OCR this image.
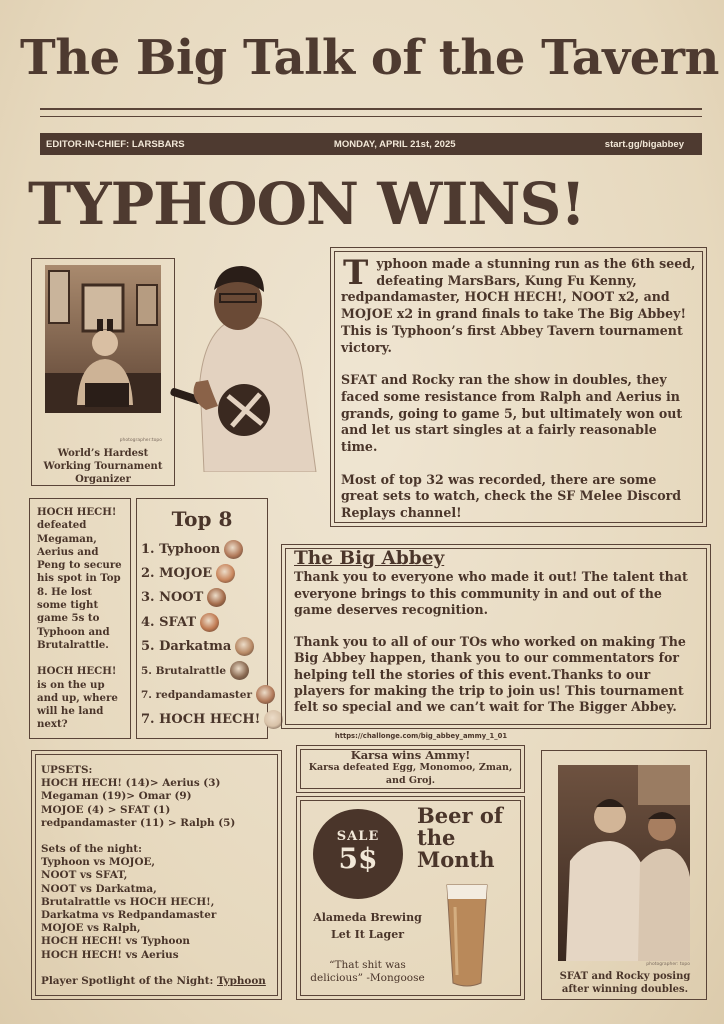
The Big Talk of the Tavern
EDITOR-IN-CHIEF: LARSBARS	MONDAY, APRIL 21st, 2025	start.gg/bigabbey
TYPHOON WINS!
photographer:topo
World’s Hardest Working Tournament Organizer

Typhoon made a stunning run as the 6th seed, defeating MarsBars, Kung Fu Kenny, redpandamaster, HOCH HECH!, NOOT x2, and MOJOE x2 in grand finals to take The Big Abbey! This is Typhoon’s first Abbey Tavern tournament victory.

SFAT and Rocky ran the show in doubles, they faced some resistance from Ralph and Aerius in grands, going to game 5, but ultimately won out and let us start singles at a fairly reasonable time.

Most of top 32 was recorded, there are some great sets to watch, check the SF Melee Discord Replays channel!

HOCH HECH! defeated Megaman, Aerius and Peng to secure his spot in Top 8. He lost some tight game 5s to Typhoon and Brutalrattle.

HOCH HECH! is on the up and up, where will he land next?

Top 8
1. Typhoon
2. MOJOE
3. NOOT
4. SFAT
5. Darkatma
5. Brutalrattle
7. redpandamaster
7. HOCH HECH!
The Big Abbey

Thank you to everyone who made it out! The talent that everyone brings to this community in and out of the game deserves recognition.

Thank you to all of our TOs who worked on making The Big Abbey happen, thank you to our commentators for helping tell the stories of this event.Thanks to our players for making the trip to join us! This tournament felt so special and we can’t wait for The Bigger Abbey.

https://challonge.com/big_abbey_ammy_1_01

UPSETS:
HOCH HECH! (14)> Aerius (3)
Megaman (19)> Omar (9)
MOJOE (4) > SFAT (1)
redpandamaster (11) > Ralph (5)

Sets of the night:
Typhoon vs MOJOE,
NOOT vs SFAT,
NOOT vs Darkatma,
Brutalrattle vs HOCH HECH!,
Darkatma vs Redpandamaster
MOJOE vs Ralph,
HOCH HECH! vs Typhoon
HOCH HECH! vs Aerius

Player Spotlight of the Night: Typhoon

Karsa wins Ammy!
Karsa defeated Egg, Monomoo, Zman, and Groj.
SALE
5$
Beer of the Month
Alameda Brewing
Let It Lager
“That shit was delicious” -Mongoose
photographer: topo
SFAT and Rocky posing after winning doubles.
